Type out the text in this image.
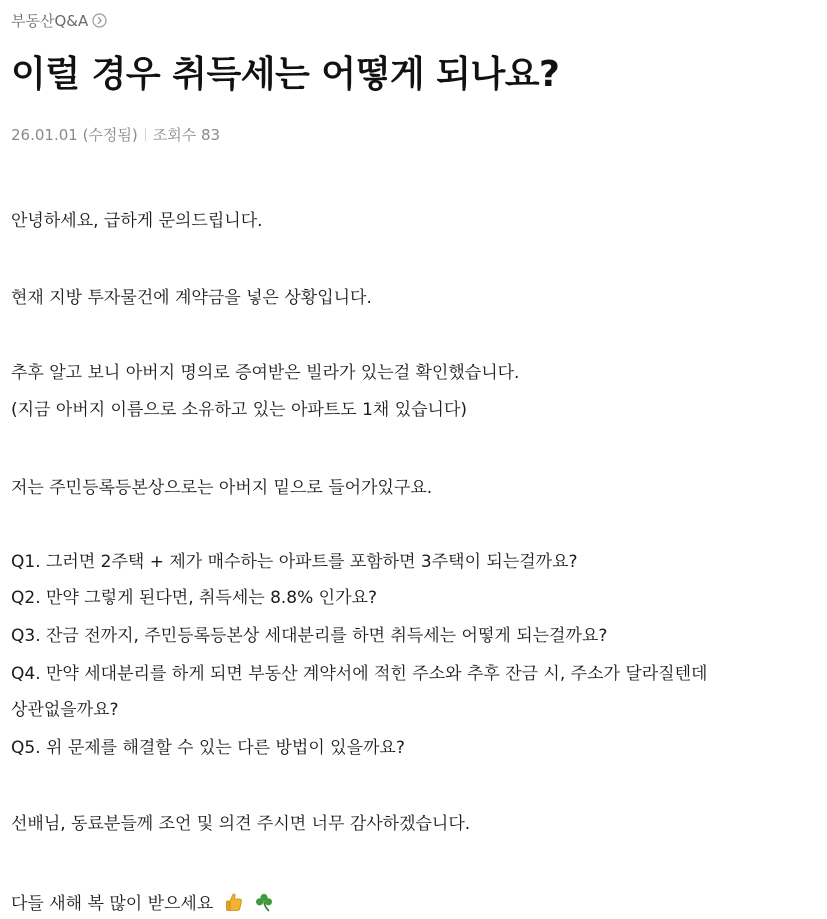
부동산Q&A
이럴 경우 취득세는 어떻게 되나요?
26.01.01 (수정됨) 조회수 83

안녕하세요, 급하게 문의드립니다.

현재 지방 투자물건에 계약금을 넣은 상황입니다.

추후 알고 보니 아버지 명의로 증여받은 빌라가 있는걸 확인했습니다.

(지금 아버지 이름으로 소유하고 있는 아파트도 1채 있습니다)

저는 주민등록등본상으로는 아버지 밑으로 들어가있구요.

Q1. 그러면 2주택 + 제가 매수하는 아파트를 포함하면 3주택이 되는걸까요?

Q2. 만약 그렇게 된다면, 취득세는 8.8% 인가요?

Q3. 잔금 전까지, 주민등록등본상 세대분리를 하면 취득세는 어떻게 되는걸까요?

Q4. 만약 세대분리를 하게 되면 부동산 계약서에 적힌 주소와 추후 잔금 시, 주소가 달라질텐데

상관없을까요?

Q5. 위 문제를 해결할 수 있는 다른 방법이 있을까요?

선배님, 동료분들께 조언 및 의견 주시면 너무 감사하겠습니다.

다들 새해 복 많이 받으세요
